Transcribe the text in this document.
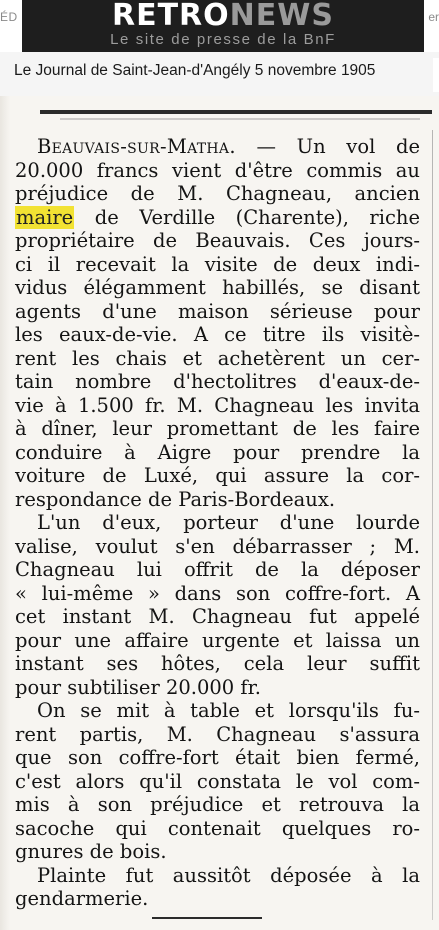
ÉD	er
RETRONEWS
Le site de presse de la BnF
Le Journal de Saint-Jean-d'Angély 5 novembre 1905
Beauvais-sur-Matha. — Un vol de
20.000 francs vient d'être commis au
préjudice de M. Chagneau, ancien
maire de Verdille (Charente), riche
propriétaire de Beauvais. Ces jours-
ci il recevait la visite de deux indi-
vidus élégamment habillés, se disant
agents d'une maison sérieuse pour
les eaux-de-vie. A ce titre ils visitè-
rent les chais et achetèrent un cer-
tain nombre d'hectolitres d'eaux-de-
vie à 1.500 fr. M. Chagneau les invita
à dîner, leur promettant de les faire
conduire à Aigre pour prendre la
voiture de Luxé, qui assure la cor-
respondance de Paris-Bordeaux.
L'un d'eux, porteur d'une lourde
valise, voulut s'en débarrasser ; M.
Chagneau lui offrit de la déposer
« lui-même » dans son coffre-fort. A
cet instant M. Chagneau fut appelé
pour une affaire urgente et laissa un
instant ses hôtes, cela leur suffit
pour subtiliser 20.000 fr.
On se mit à table et lorsqu'ils fu-
rent partis, M. Chagneau s'assura
que son coffre-fort était bien fermé,
c'est alors qu'il constata le vol com-
mis à son préjudice et retrouva la
sacoche qui contenait quelques ro-
gnures de bois.
Plainte fut aussitôt déposée à la
gendarmerie.
